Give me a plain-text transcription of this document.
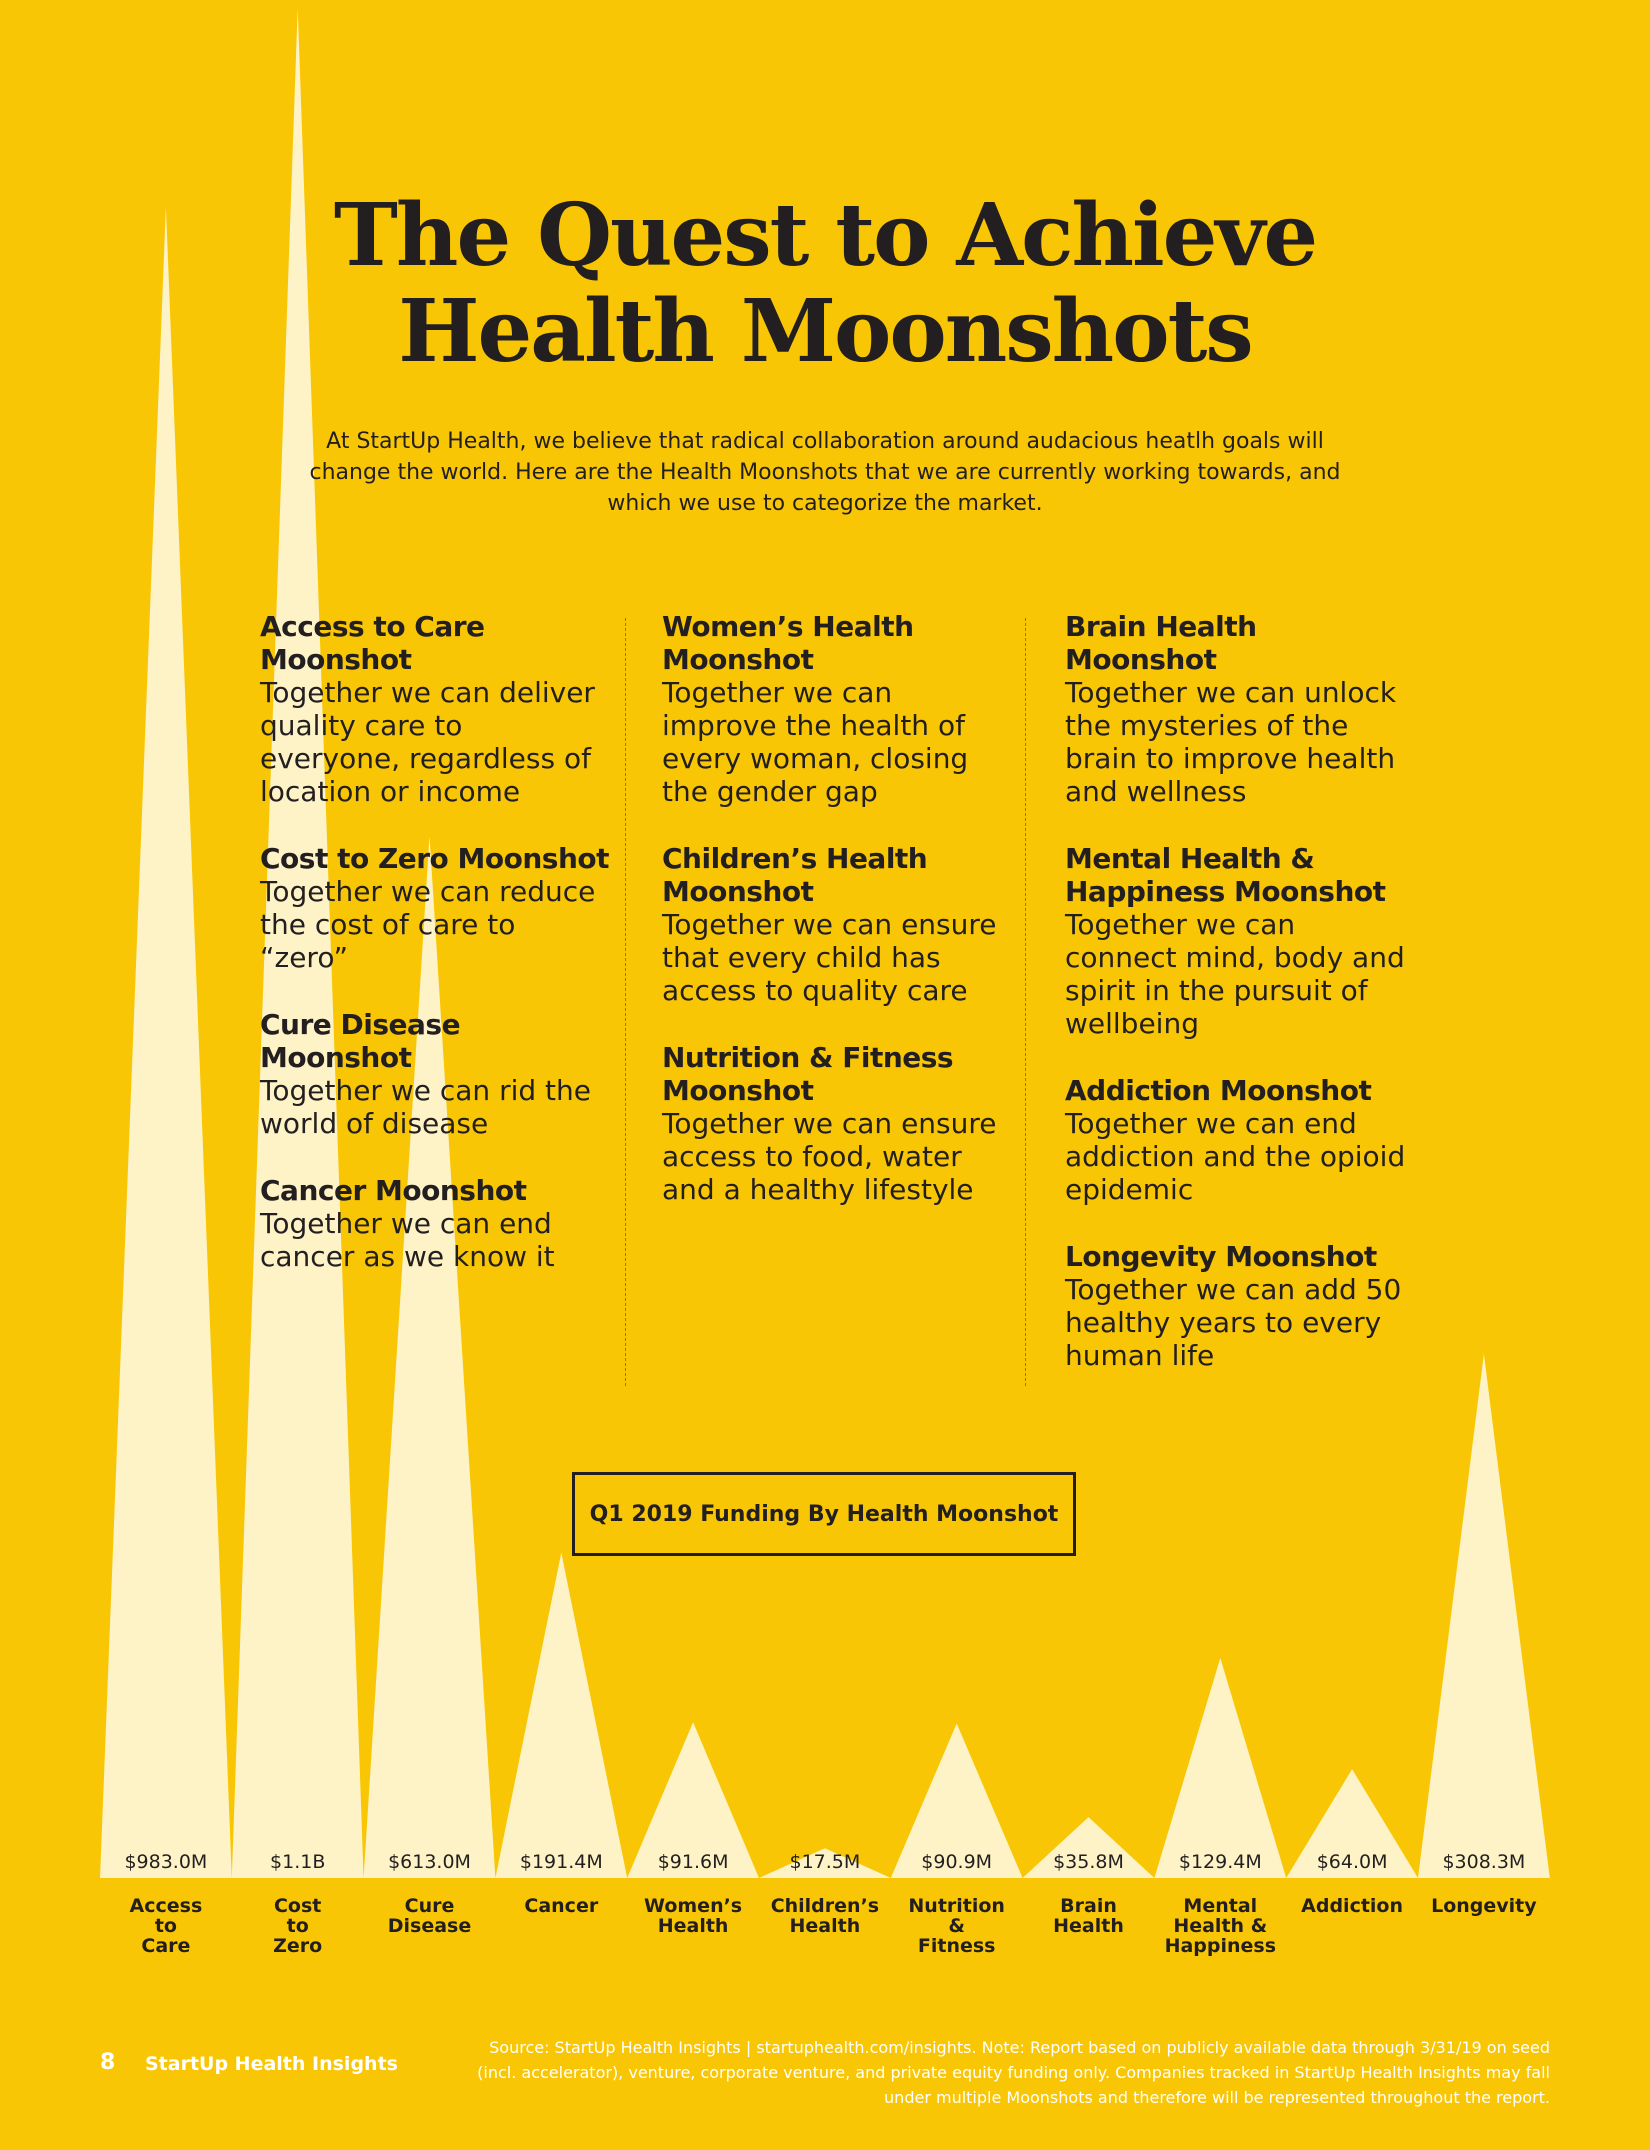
The Quest to Achieve
Health Moonshots

At StartUp Health, we believe that radical collaboration around audacious heatlh goals will change the world. Here are the Health Moonshots that we are currently working towards, and which we use to categorize the market.

Access to Care Moonshot

Together we can deliver quality care to everyone, regardless of location or income

Cost to Zero Moonshot

Together we can reduce the cost of care to “zero”

Cure Disease Moonshot

Together we can rid the world of disease

Cancer Moonshot

Together we can end cancer as we know it

Women’s Health Moonshot

Together we can improve the health of every woman, closing the gender gap

Children’s Health Moonshot

Together we can ensure that every child has access to quality care

Nutrition & Fitness Moonshot

Together we can ensure access to food, water and a healthy lifestyle

Brain Health Moonshot

Together we can unlock the mysteries of the brain to improve health and wellness

Mental Health & Happiness Moonshot

Together we can connect mind, body and spirit in the pursuit of wellbeing

Addiction Moonshot

Together we can end addiction and the opioid epidemic

Longevity Moonshot

Together we can add 50 healthy years to every human life

Q1 2019 Funding By Health Moonshot
$983.0M
Access
to
Care
$1.1B
Cost
to
Zero
$613.0M
Cure
Disease
$191.4M
Cancer
$91.6M
Women’s
Health
$17.5M
Children’s
Health
$90.9M
Nutrition
&
Fitness
$35.8M
Brain
Health
$129.4M
Mental
Health &
Happiness
$64.0M
Addiction
$308.3M
Longevity
8 StartUp Health Insights

Source: StartUp Health Insights | startuphealth.com/insights. Note: Report based on publicly available data through 3/31/19 on seed (incl. accelerator), venture, corporate venture, and private equity funding only. Companies tracked in StartUp Health Insights may fall under multiple Moonshots and therefore will be represented throughout the report.
